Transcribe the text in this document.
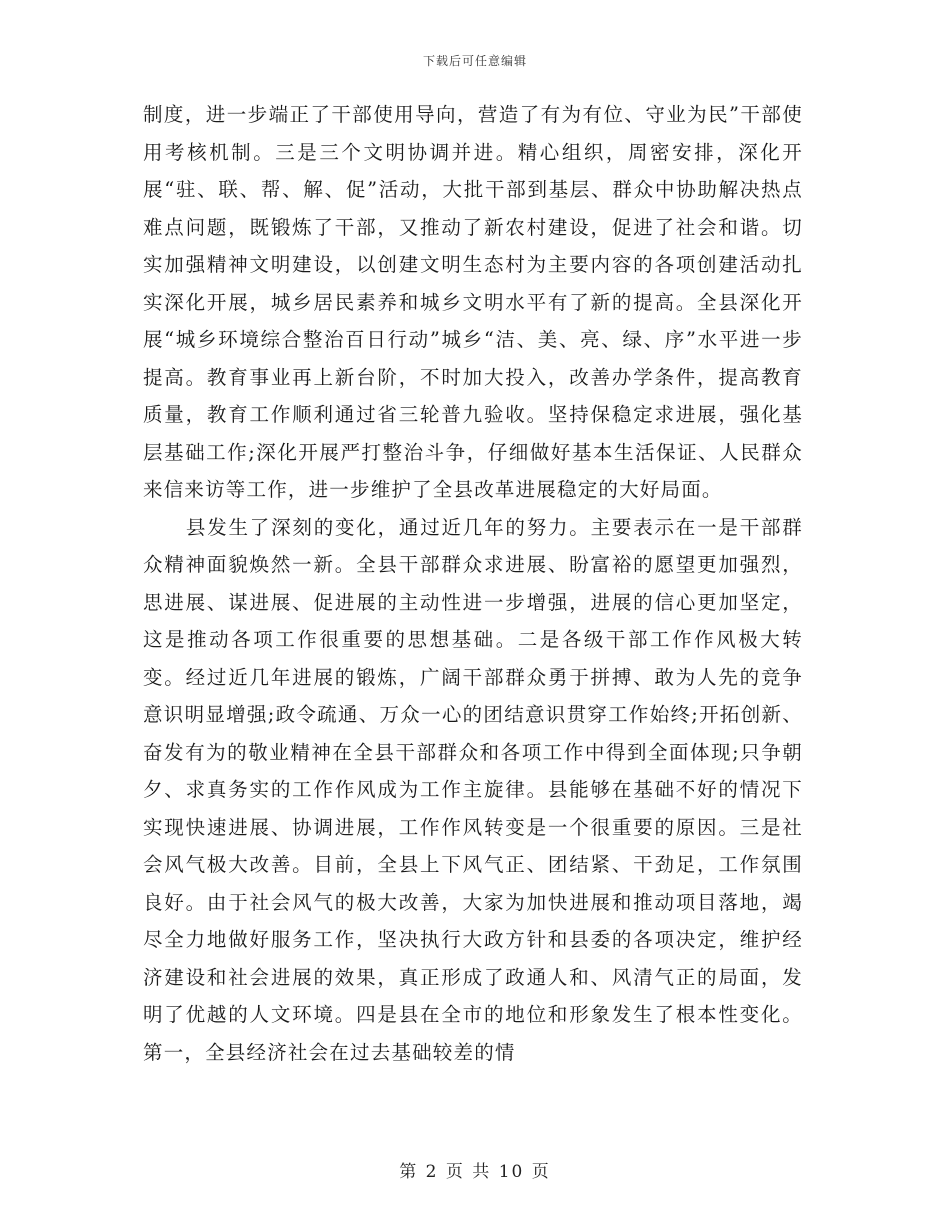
下载后可任意编辑

制度，进一步端正了干部使用导向，营造了有为有位、守业为民”干部使用考核机制。三是三个文明协调并进。精心组织，周密安排，深化开展“驻、联、帮、解、促”活动，大批干部到基层、群众中协助解决热点难点问题，既锻炼了干部，又推动了新农村建设，促进了社会和谐。切实加强精神文明建设，以创建文明生态村为主要内容的各项创建活动扎实深化开展，城乡居民素养和城乡文明水平有了新的提高。全县深化开展“城乡环境综合整治百日行动”城乡“洁、美、亮、绿、序”水平进一步提高。教育事业再上新台阶，不时加大投入，改善办学条件，提高教育质量，教育工作顺利通过省三轮普九验收。坚持保稳定求进展，强化基层基础工作;深化开展严打整治斗争，仔细做好基本生活保证、人民群众来信来访等工作，进一步维护了全县改革进展稳定的大好局面。

县发生了深刻的变化，通过近几年的努力。主要表示在一是干部群众精神面貌焕然一新。全县干部群众求进展、盼富裕的愿望更加强烈，思进展、谋进展、促进展的主动性进一步增强，进展的信心更加坚定，这是推动各项工作很重要的思想基础。二是各级干部工作作风极大转变。经过近几年进展的锻炼，广阔干部群众勇于拼搏、敢为人先的竞争意识明显增强;政令疏通、万众一心的团结意识贯穿工作始终;开拓创新、奋发有为的敬业精神在全县干部群众和各项工作中得到全面体现;只争朝夕、求真务实的工作作风成为工作主旋律。县能够在基础不好的情况下实现快速进展、协调进展，工作作风转变是一个很重要的原因。三是社会风气极大改善。目前，全县上下风气正、团结紧、干劲足，工作氛围良好。由于社会风气的极大改善，大家为加快进展和推动项目落地，竭尽全力地做好服务工作，坚决执行大政方针和县委的各项决定，维护经济建设和社会进展的效果，真正形成了政通人和、风清气正的局面，发明了优越的人文环境。四是县在全市的地位和形象发生了根本性变化。第一，全县经济社会在过去基础较差的情

第 2 页 共 10 页
